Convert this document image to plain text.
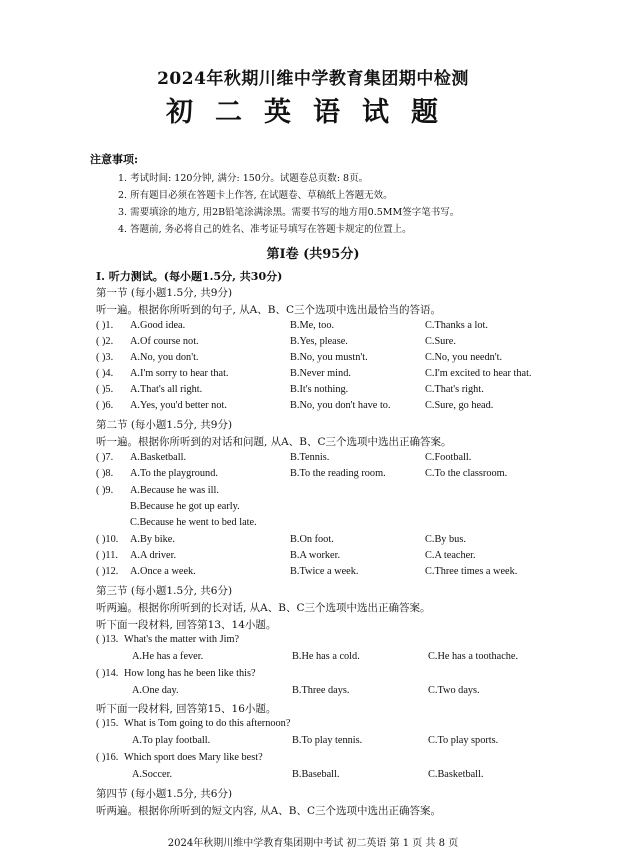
2024年秋期川维中学教育集团期中检测
初二英语试题
注意事项:
1. 考试时间: 120分钟, 满分: 150分。试题卷总页数: 8页。
2. 所有题目必须在答题卡上作答, 在试题卷、草稿纸上答题无效。
3. 需要填涂的地方, 用2B铅笔涂满涂黑。需要书写的地方用0.5MM签字笔书写。
4. 答题前, 务必将自己的姓名、准考证号填写在答题卡规定的位置上。
第Ⅰ卷 (共95分)
I. 听力测试。(每小题1.5分, 共30分)
第一节 (每小题1.5分, 共9分)
听一遍。根据你所听到的句子, 从A、B、C三个选项中选出最恰当的答语。
( )1. A.Good idea.	B.Me, too.	C.Thanks a lot.
( )2. A.Of course not.	B.Yes, please.	C.Sure.
( )3. A.No, you don't.	B.No, you mustn't.	C.No, you needn't.
( )4. A.I'm sorry to hear that.	B.Never mind.	C.I'm excited to hear that.
( )5. A.That's all right.	B.It's nothing.	C.That's right.
( )6. A.Yes, you'd better not.	B.No, you don't have to.	C.Sure, go head.
第二节 (每小题1.5分, 共9分)
听一遍。根据你所听到的对话和问题, 从A、B、C三个选项中选出正确答案。
( )7. A.Basketball.	B.Tennis.	C.Football.
( )8. A.To the playground.	B.To the reading room.	C.To the classroom.
( )9. A.Because he was ill.
B.Because he got up early.
C.Because he went to bed late.
( )10. A.By bike.	B.On foot.	C.By bus.
( )11. A.A driver.	B.A worker.	C.A teacher.
( )12. A.Once a week.	B.Twice a week.	C.Three times a week.
第三节 (每小题1.5分, 共6分)
听两遍。根据你所听到的长对话, 从A、B、C三个选项中选出正确答案。
听下面一段材料, 回答第13、14小题。
( )13. What's the matter with Jim?
A.He has a fever.	B.He has a cold.	C.He has a toothache.
( )14. How long has he been like this?
A.One day.	B.Three days.	C.Two days.
听下面一段材料, 回答第15、16小题。
( )15. What is Tom going to do this afternoon?
A.To play football.	B.To play tennis.	C.To play sports.
( )16. Which sport does Mary like best?
A.Soccer.	B.Baseball.	C.Basketball.
第四节 (每小题1.5分, 共6分)
听两遍。根据你所听到的短文内容, 从A、B、C三个选项中选出正确答案。
2024年秋期川维中学教育集团期中考试 初二英语 第 1 页 共 8 页
